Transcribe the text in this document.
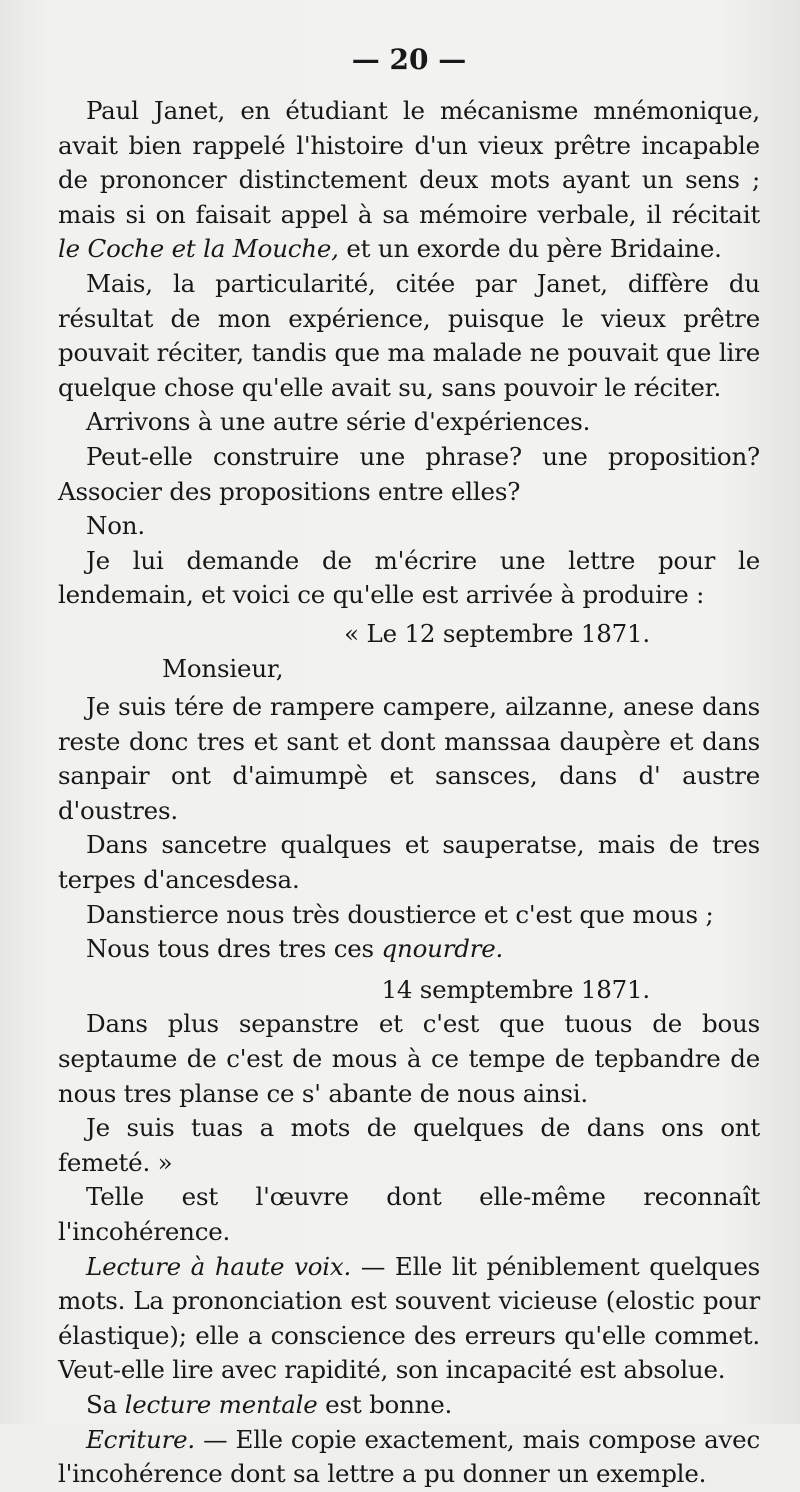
— 20 —

Paul Janet, en étudiant le mécanisme mnémonique, avait bien rappelé l'histoire d'un vieux prêtre incapable de prononcer distinctement deux mots ayant un sens ; mais si on faisait appel à sa mémoire verbale, il récitait le Coche et la Mouche, et un exorde du père Bridaine.

Mais, la particularité, citée par Janet, diffère du résultat de mon expérience, puisque le vieux prêtre pouvait réciter, tandis que ma malade ne pouvait que lire quelque chose qu'elle avait su, sans pouvoir le réciter.

Arrivons à une autre série d'expériences.

Peut-elle construire une phrase? une proposition? Associer des propositions entre elles?

Non.

Je lui demande de m'écrire une lettre pour le lendemain, et voici ce qu'elle est arrivée à produire :

« Le 12 septembre 1871.

Monsieur,

Je suis tére de rampere campere, ailzanne, anese dans reste donc tres et sant et dont manssaa daupère et dans sanpair ont d'aimumpè et sansces, dans d' austre d'oustres.

Dans sancetre qualques et sauperatse, mais de tres terpes d'ancesdesa.

Danstierce nous très doustierce et c'est que mous ;

Nous tous dres tres ces qnourdre.

14 semptembre 1871.

Dans plus sepanstre et c'est que tuous de bous septaume de c'est de mous à ce tempe de tepbandre de nous tres planse ce s' abante de nous ainsi.

Je suis tuas a mots de quelques de dans ons ont femeté. »

Telle est l'œuvre dont elle-même reconnaît l'incohérence.

Lecture à haute voix. — Elle lit péniblement quelques mots. La prononciation est souvent vicieuse (elostic pour élastique); elle a conscience des erreurs qu'elle commet. Veut-elle lire avec rapidité, son incapacité est absolue.

Sa lecture mentale est bonne.

Ecriture. — Elle copie exactement, mais compose avec l'incohérence dont sa lettre a pu donner un exemple.
